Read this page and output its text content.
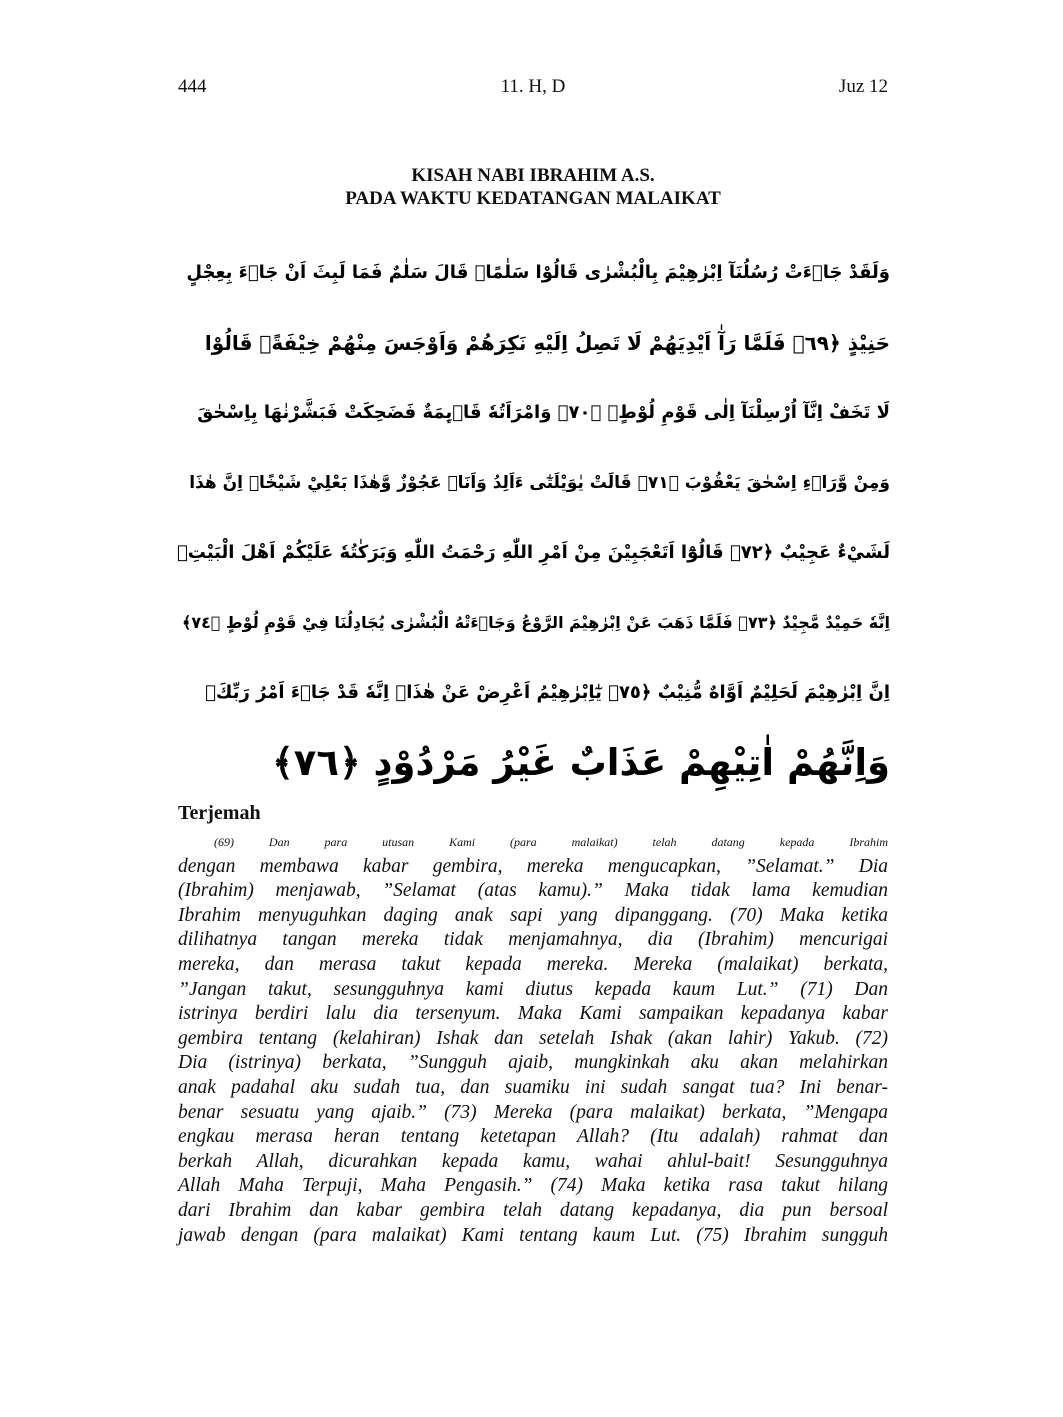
444	11. H, D	Juz 12
KISAH NABI IBRAHIM A.S.
PADA WAKTU KEDATANGAN MALAIKAT
وَلَقَدْ جَاۤءَتْ رُسُلُنَآ اِبْرٰهِيْمَ بِالْبُشْرٰى قَالُوْا سَلٰمًاۗ قَالَ سَلٰمٌ فَمَا لَبِثَ اَنْ جَاۤءَ بِعِجْلٍ
حَنِيْذٍ ﴿٦٩﴾ فَلَمَّا رَآٰ اَيْدِيَهُمْ لَا تَصِلُ اِلَيْهِ نَكِرَهُمْ وَاَوْجَسَ مِنْهُمْ خِيْفَةًۗ قَالُوْا
لَا تَخَفْ اِنَّآ اُرْسِلْنَآ اِلٰى قَوْمِ لُوْطٍۗ ﴿٧٠﴾ وَامْرَاَتُهٗ قَاۤىِٕمَةٌ فَضَحِكَتْ فَبَشَّرْنٰهَا بِاِسْحٰقَ
وَمِنْ وَّرَاۤءِ اِسْحٰقَ يَعْقُوْبَ ﴿٧١﴾ قَالَتْ يٰوَيْلَتٰٓى ءَاَلِدُ وَاَنَا۠ عَجُوْزٌ وَّهٰذَا بَعْلِيْ شَيْخًاۗ اِنَّ هٰذَا
لَشَيْءٌ عَجِيْبٌ ﴿٧٢﴾ قَالُوْٓا اَتَعْجَبِيْنَ مِنْ اَمْرِ اللّٰهِ رَحْمَتُ اللّٰهِ وَبَرَكٰتُهٗ عَلَيْكُمْ اَهْلَ الْبَيْتِۗ
اِنَّهٗ حَمِيْدٌ مَّجِيْدٌ ﴿٧٣﴾ فَلَمَّا ذَهَبَ عَنْ اِبْرٰهِيْمَ الرَّوْعُ وَجَاۤءَتْهُ الْبُشْرٰى يُجَادِلُنَا فِيْ قَوْمِ لُوْطٍ ﴿٧٤﴾
اِنَّ اِبْرٰهِيْمَ لَحَلِيْمٌ اَوَّاهٌ مُّنِيْبٌ ﴿٧٥﴾ يٰٓاِبْرٰهِيْمُ اَعْرِضْ عَنْ هٰذَاۚ اِنَّهٗ قَدْ جَاۤءَ اَمْرُ رَبِّكَۚ
وَاِنَّهُمْ اٰتِيْهِمْ عَذَابٌ غَيْرُ مَرْدُوْدٍ ﴿٧٦﴾
Terjemah
(69) Dan para utusan Kami (para malaikat) telah datang kepada Ibrahim
dengan membawa kabar gembira, mereka mengucapkan, ”Selamat.” Dia
(Ibrahim) menjawab, ”Selamat (atas kamu).” Maka tidak lama kemudian
Ibrahim menyuguhkan daging anak sapi yang dipanggang. (70) Maka ketika
dilihatnya tangan mereka tidak menjamahnya, dia (Ibrahim) mencurigai
mereka, dan merasa takut kepada mereka. Mereka (malaikat) berkata,
”Jangan takut, sesungguhnya kami diutus kepada kaum Lut.” (71) Dan
istrinya berdiri lalu dia tersenyum. Maka Kami sampaikan kepadanya kabar
gembira tentang (kelahiran) Ishak dan setelah Ishak (akan lahir) Yakub. (72)
Dia (istrinya) berkata, ”Sungguh ajaib, mungkinkah aku akan melahirkan
anak padahal aku sudah tua, dan suamiku ini sudah sangat tua? Ini benar-
benar sesuatu yang ajaib.” (73) Mereka (para malaikat) berkata, ”Mengapa
engkau merasa heran tentang ketetapan Allah? (Itu adalah) rahmat dan
berkah Allah, dicurahkan kepada kamu, wahai ahlul-bait! Sesungguhnya
Allah Maha Terpuji, Maha Pengasih.” (74) Maka ketika rasa takut hilang
dari Ibrahim dan kabar gembira telah datang kepadanya, dia pun bersoal
jawab dengan (para malaikat) Kami tentang kaum Lut. (75) Ibrahim sungguh
